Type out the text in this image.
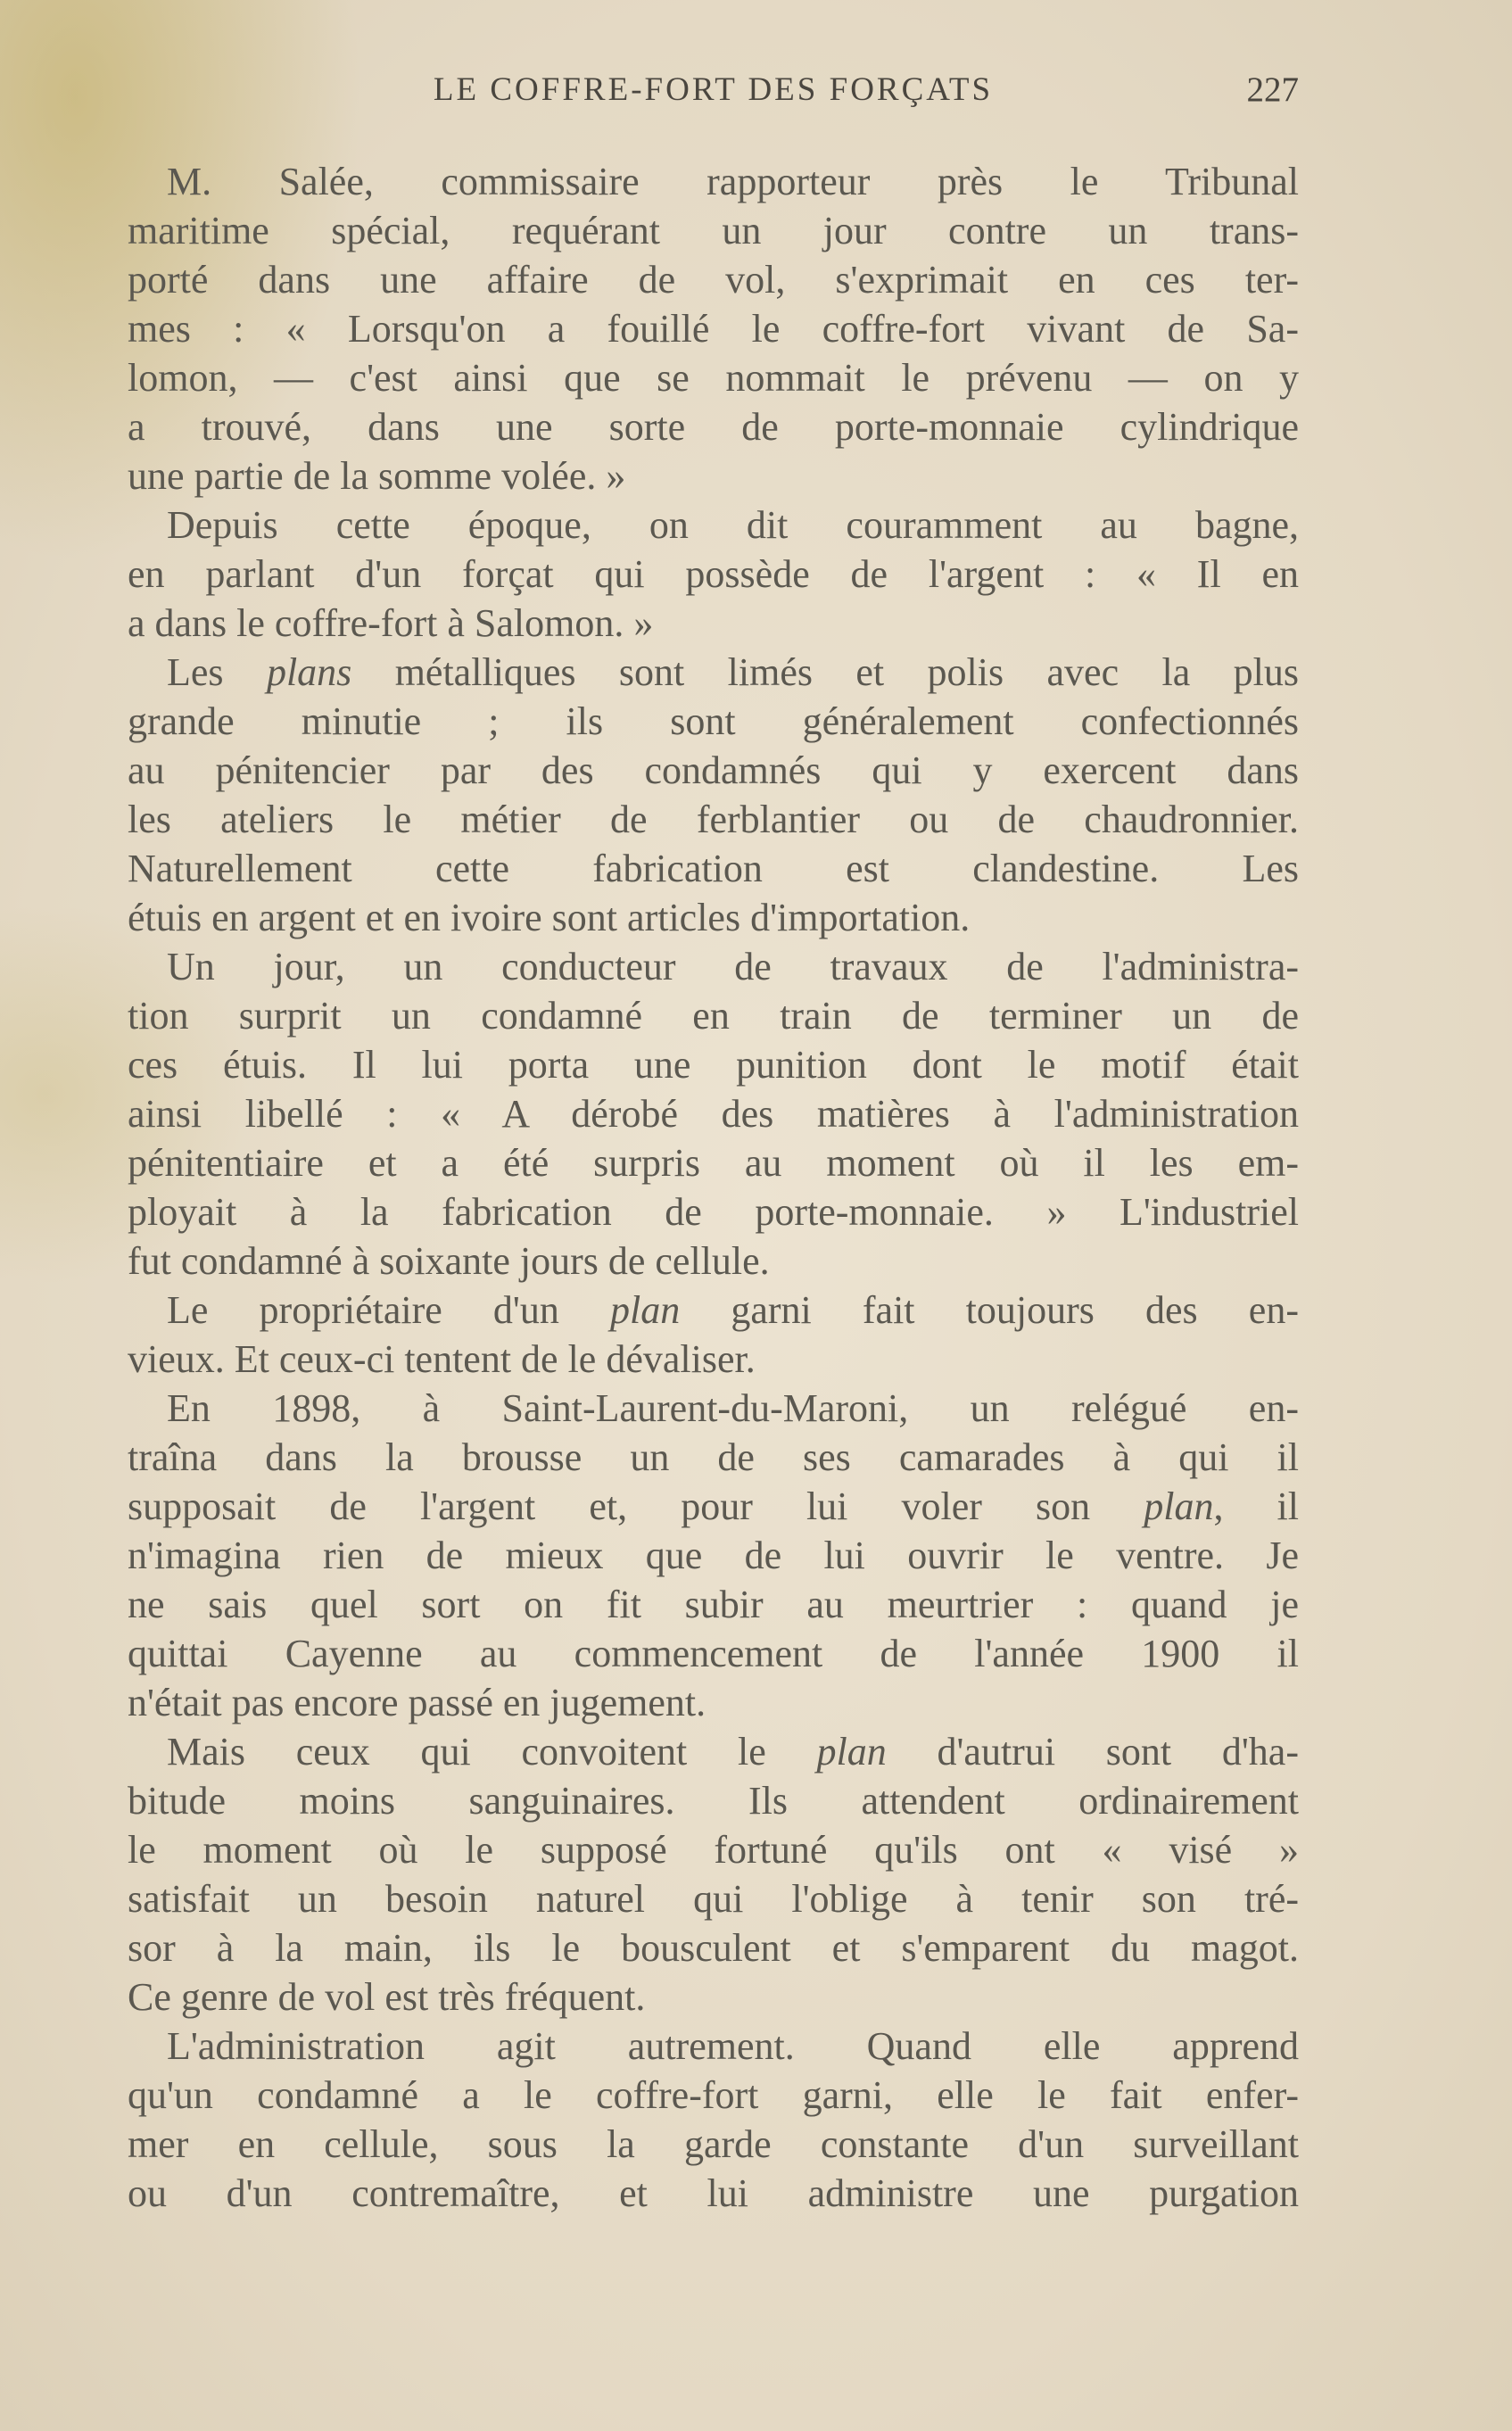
LE COFFRE-FORT DES FORÇATS	227
M. Salée, commissaire rapporteur près le Tribunal
maritime spécial, requérant un jour contre un trans-
porté dans une affaire de vol, s'exprimait en ces ter-
mes : « Lorsqu'on a fouillé le coffre-fort vivant de Sa-
lomon, — c'est ainsi que se nommait le prévenu — on y
a trouvé, dans une sorte de porte-monnaie cylindrique
une partie de la somme volée. »
Depuis cette époque, on dit couramment au bagne,
en parlant d'un forçat qui possède de l'argent : « Il en
a dans le coffre-fort à Salomon. »
Les plans métalliques sont limés et polis avec la plus
grande minutie ; ils sont généralement confectionnés
au pénitencier par des condamnés qui y exercent dans
les ateliers le métier de ferblantier ou de chaudronnier.
Naturellement cette fabrication est clandestine. Les
étuis en argent et en ivoire sont articles d'importation.
Un jour, un conducteur de travaux de l'administra-
tion surprit un condamné en train de terminer un de
ces étuis. Il lui porta une punition dont le motif était
ainsi libellé : « A dérobé des matières à l'administration
pénitentiaire et a été surpris au moment où il les em-
ployait à la fabrication de porte-monnaie. » L'industriel
fut condamné à soixante jours de cellule.
Le propriétaire d'un plan garni fait toujours des en-
vieux. Et ceux-ci tentent de le dévaliser.
En 1898, à Saint-Laurent-du-Maroni, un relégué en-
traîna dans la brousse un de ses camarades à qui il
supposait de l'argent et, pour lui voler son plan, il
n'imagina rien de mieux que de lui ouvrir le ventre. Je
ne sais quel sort on fit subir au meurtrier : quand je
quittai Cayenne au commencement de l'année 1900 il
n'était pas encore passé en jugement.
Mais ceux qui convoitent le plan d'autrui sont d'ha-
bitude moins sanguinaires. Ils attendent ordinairement
le moment où le supposé fortuné qu'ils ont « visé »
satisfait un besoin naturel qui l'oblige à tenir son tré-
sor à la main, ils le bousculent et s'emparent du magot.
Ce genre de vol est très fréquent.
L'administration agit autrement. Quand elle apprend
qu'un condamné a le coffre-fort garni, elle le fait enfer-
mer en cellule, sous la garde constante d'un surveillant
ou d'un contremaître, et lui administre une purgation
